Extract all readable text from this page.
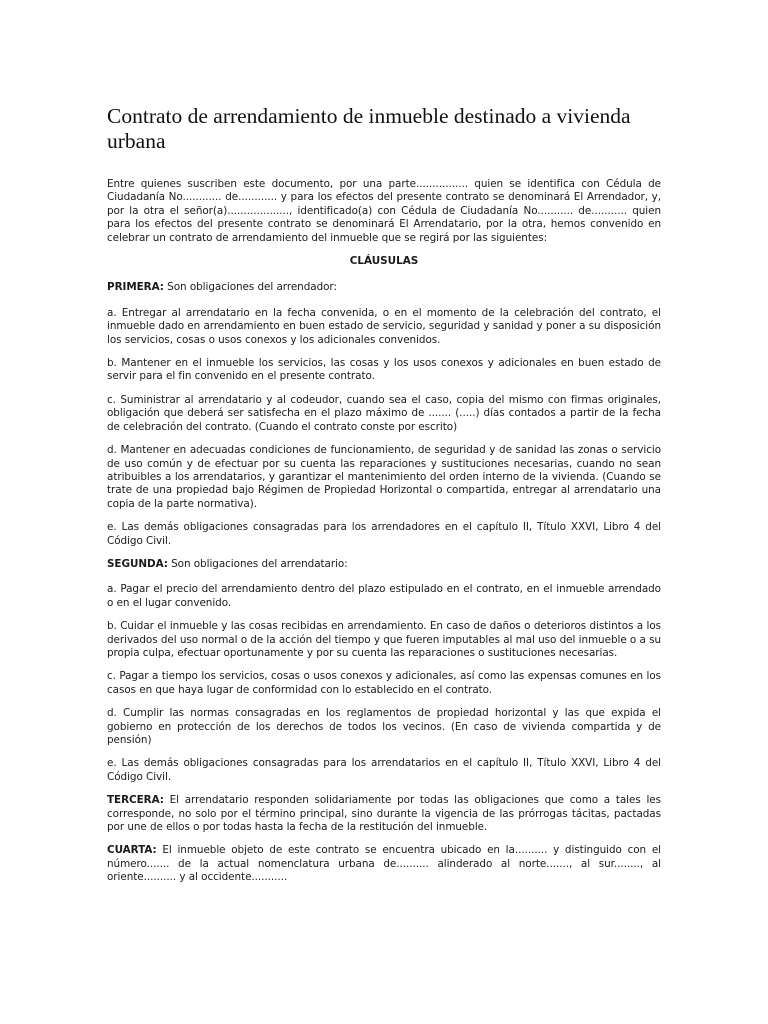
Contrato de arrendamiento de inmueble destinado a vivienda urbana

Entre quienes suscriben este documento, por una parte................ quien se identifica con Cédula de Ciudadanía No............ de............ y para los efectos del presente contrato se denominará El Arrendador, y, por la otra el señor(a)..................., identificado(a) con Cédula de Ciudadanía No........... de........... quien para los efectos del presente contrato se denominará El Arrendatario, por la otra, hemos convenido en celebrar un contrato de arrendamiento del inmueble que se regirá por las siguientes:

CLÁUSULAS

PRIMERA: Son obligaciones del arrendador:

a. Entregar al arrendatario en la fecha convenida, o en el momento de la celebración del contrato, el inmueble dado en arrendamiento en buen estado de servicio, seguridad y sanidad y poner a su disposición los servicios, cosas o usos conexos y los adicionales convenidos.

b. Mantener en el inmueble los servicios, las cosas y los usos conexos y adicionales en buen estado de servir para el fin convenido en el presente contrato.

c. Suministrar al arrendatario y al codeudor, cuando sea el caso, copia del mismo con firmas originales, obligación que deberá ser satisfecha en el plazo máximo de ....... (.....) días contados a partir de la fecha de celebración del contrato. (Cuando el contrato conste por escrito)

d. Mantener en adecuadas condiciones de funcionamiento, de seguridad y de sanidad las zonas o servicio de uso común y de efectuar por su cuenta las reparaciones y sustituciones necesarias, cuando no sean atribuibles a los arrendatarios, y garantizar el mantenimiento del orden interno de la vivienda. (Cuando se trate de una propiedad bajo Régimen de Propiedad Horizontal o compartida, entregar al arrendatario una copia de la parte normativa).

e. Las demás obligaciones consagradas para los arrendadores en el capítulo II, Título XXVI, Libro 4 del Código Civil.

SEGUNDA: Son obligaciones del arrendatario:

a. Pagar el precio del arrendamiento dentro del plazo estipulado en el contrato, en el inmueble arrendado o en el lugar convenido.

b. Cuidar el inmueble y las cosas recibidas en arrendamiento. En caso de daños o deterioros distintos a los derivados del uso normal o de la acción del tiempo y que fueren imputables al mal uso del inmueble o a su propia culpa, efectuar oportunamente y por su cuenta las reparaciones o sustituciones necesarias.

c. Pagar a tiempo los servicios, cosas o usos conexos y adicionales, así como las expensas comunes en los casos en que haya lugar de conformidad con lo establecido en el contrato.

d. Cumplir las normas consagradas en los reglamentos de propiedad horizontal y las que expida el gobierno en protección de los derechos de todos los vecinos. (En caso de vivienda compartida y de pensión)

e. Las demás obligaciones consagradas para los arrendatarios en el capítulo II, Título XXVI, Libro 4 del Código Civil.

TERCERA: El arrendatario responden solidariamente por todas las obligaciones que como a tales les corresponde, no solo por el término principal, sino durante la vigencia de las prórrogas tácitas, pactadas por une de ellos o por todas hasta la fecha de la restitución del inmueble.

CUARTA: El inmueble objeto de este contrato se encuentra ubicado en la.......... y distinguido con el número....... de la actual nomenclatura urbana de.......... alinderado al norte......., al sur........, al oriente.......... y al occidente...........
